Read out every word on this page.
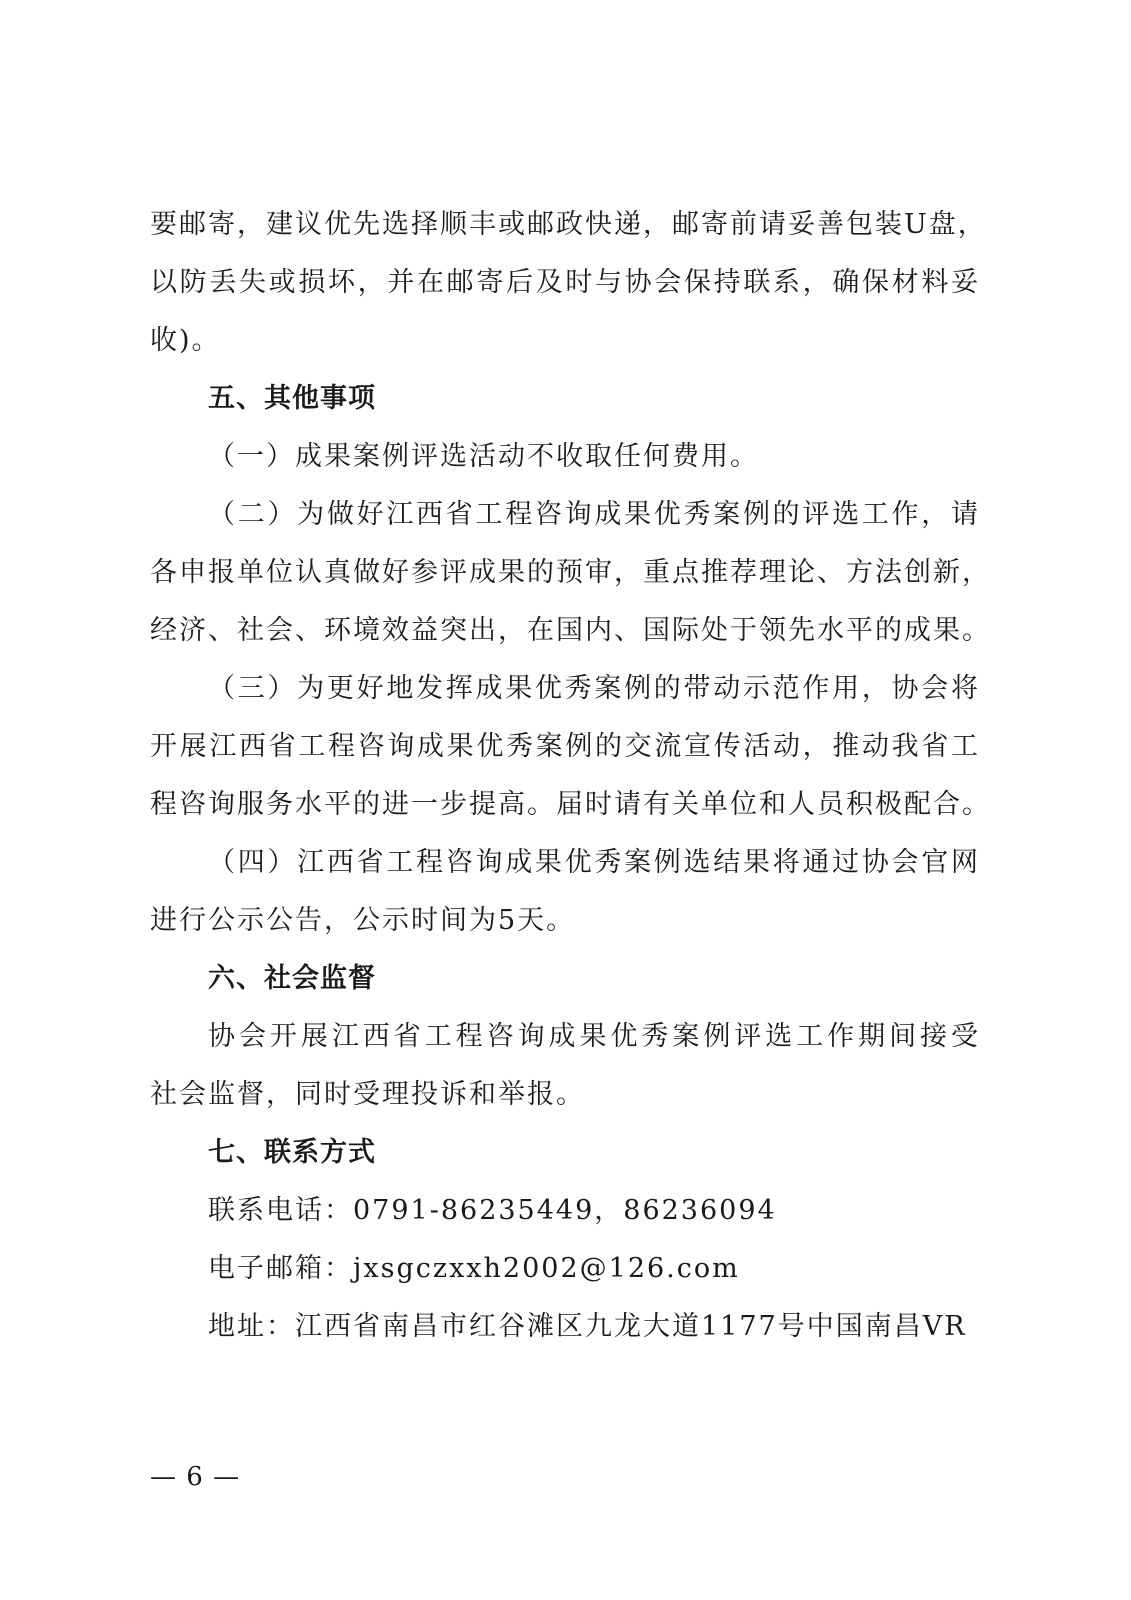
要邮寄，建议优先选择顺丰或邮政快递，邮寄前请妥善包装U盘，
以防丢失或损坏，并在邮寄后及时与协会保持联系，确保材料妥
收)。
五、其他事项
（一）成果案例评选活动不收取任何费用。
（二）为做好江西省工程咨询成果优秀案例的评选工作，请
各申报单位认真做好参评成果的预审，重点推荐理论、方法创新，
经济、社会、环境效益突出，在国内、国际处于领先水平的成果。
（三）为更好地发挥成果优秀案例的带动示范作用，协会将
开展江西省工程咨询成果优秀案例的交流宣传活动，推动我省工
程咨询服务水平的进一步提高。届时请有关单位和人员积极配合。
（四）江西省工程咨询成果优秀案例选结果将通过协会官网
进行公示公告，公示时间为5天。
六、社会监督
协会开展江西省工程咨询成果优秀案例评选工作期间接受
社会监督，同时受理投诉和举报。
七、联系方式
联系电话：0791-86235449，86236094
电子邮箱：jxsgczxxh2002@126.com
地址：江西省南昌市红谷滩区九龙大道1177号中国南昌VR
— 6 —
